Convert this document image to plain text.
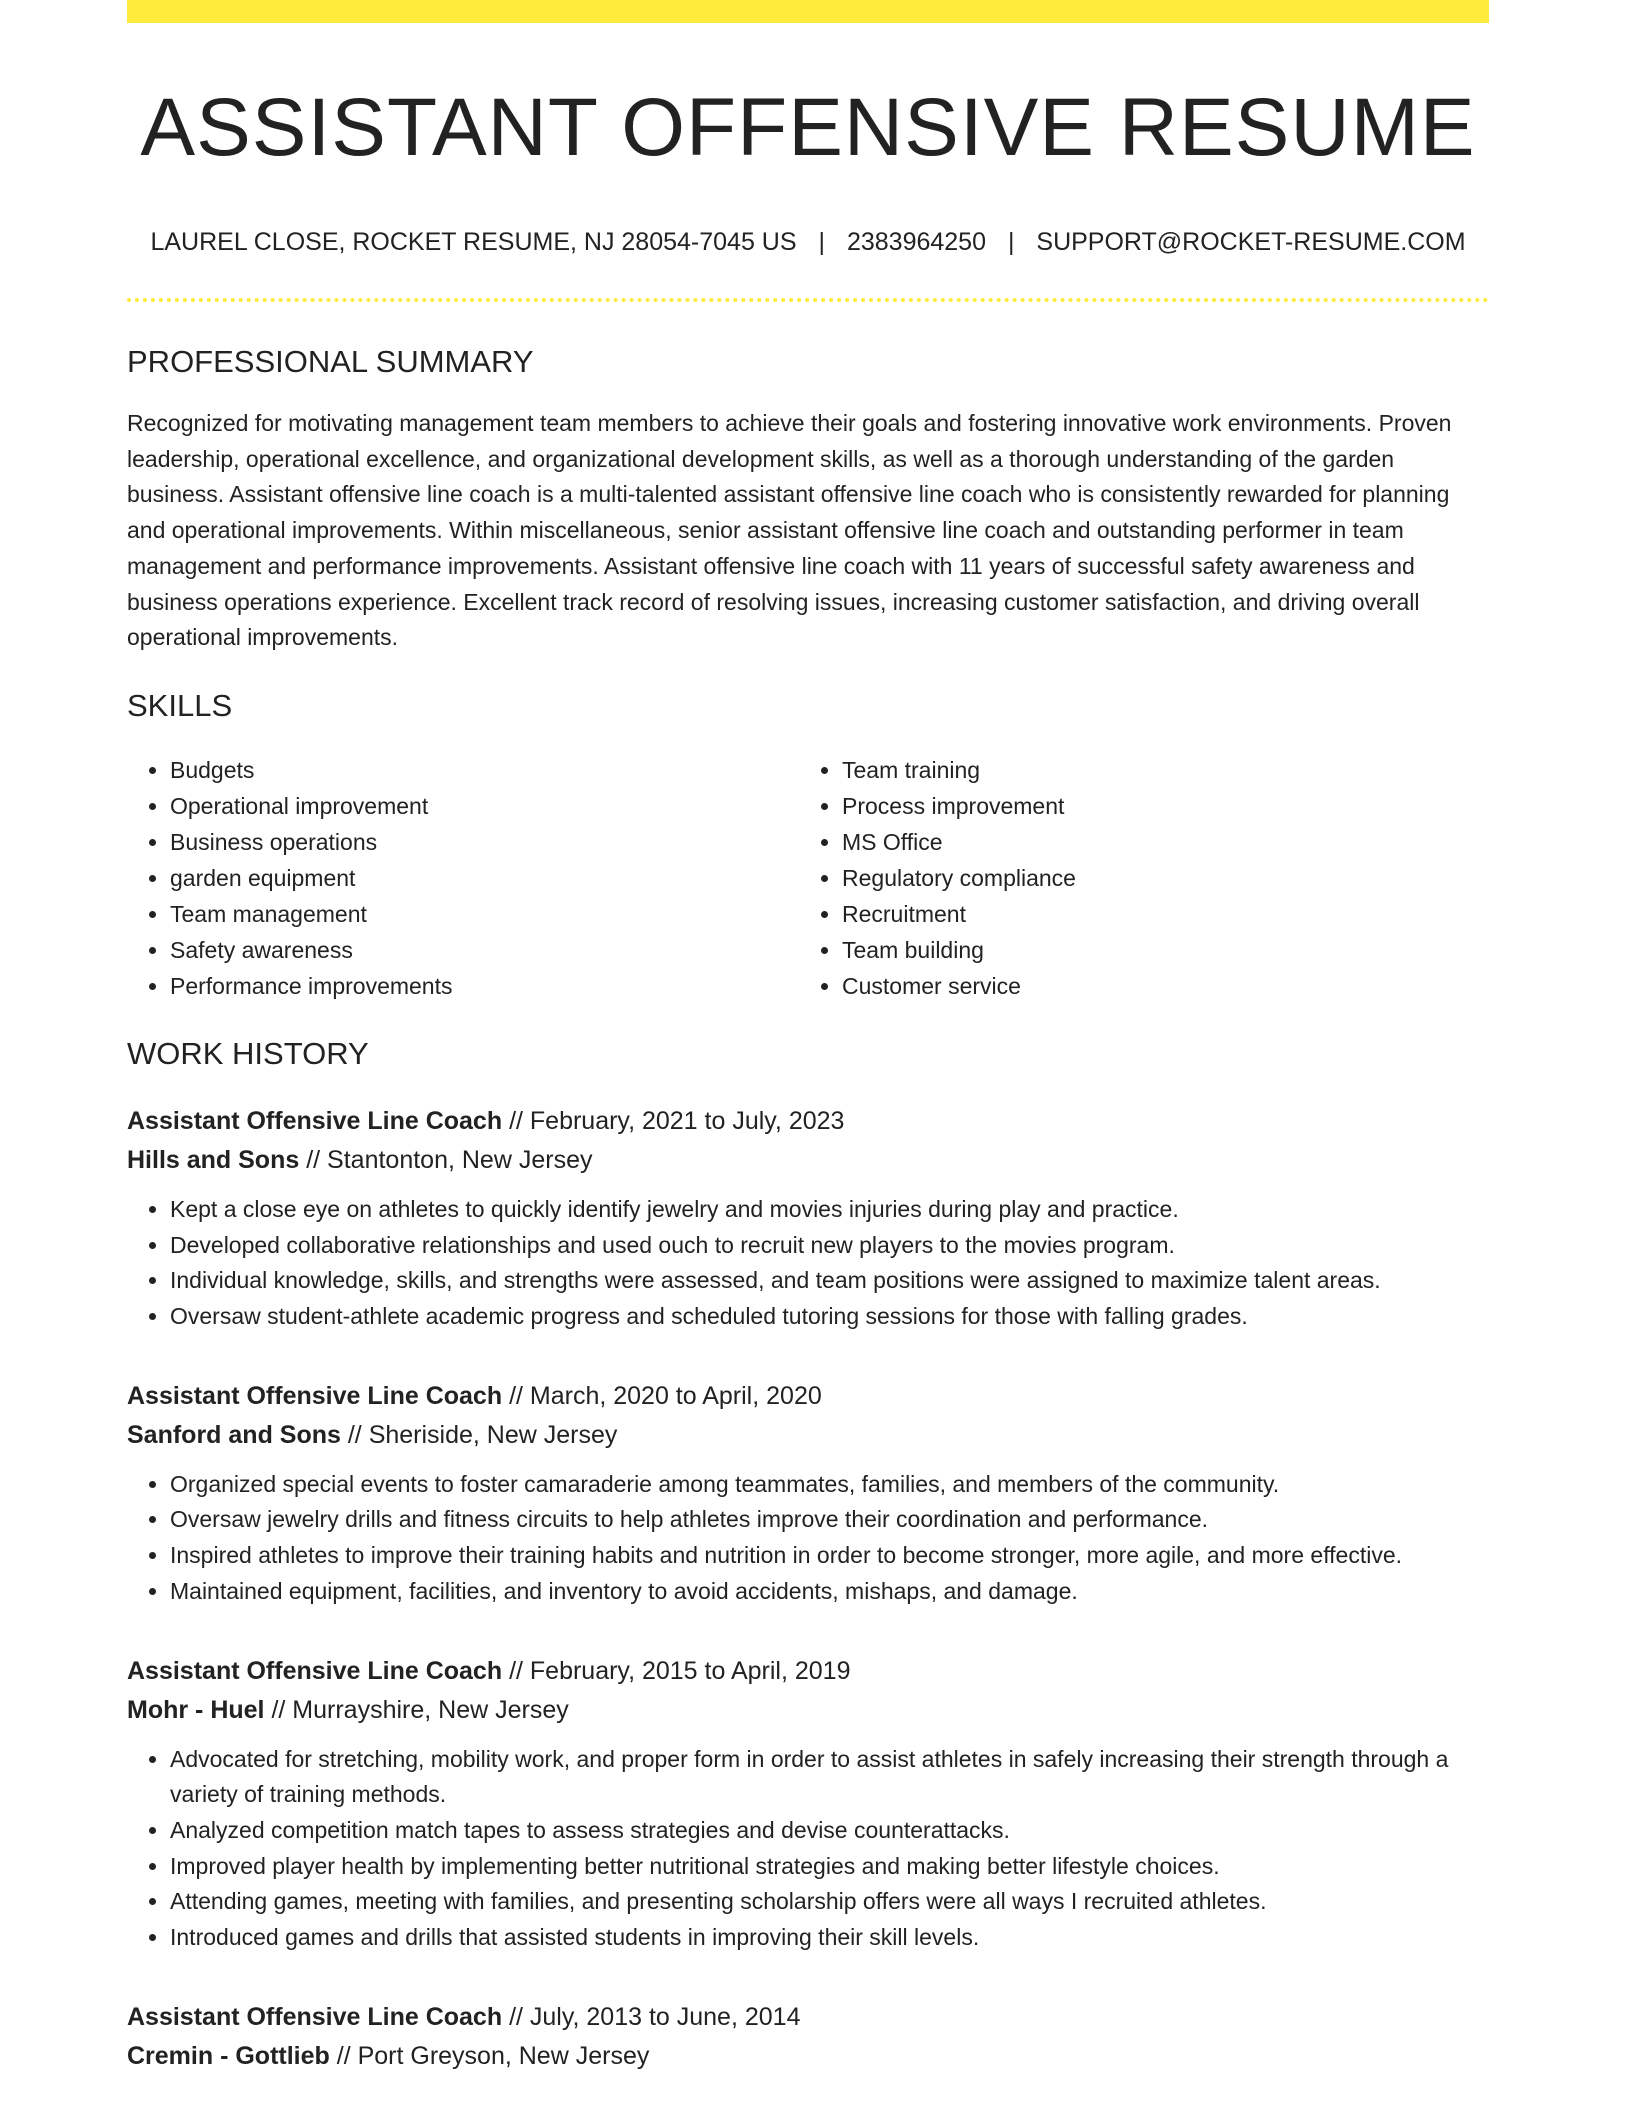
ASSISTANT OFFENSIVE RESUME
LAUREL CLOSE, ROCKET RESUME, NJ 28054-7045 US | 2383964250 | SUPPORT@ROCKET-RESUME.COM
PROFESSIONAL SUMMARY

Recognized for motivating management team members to achieve their goals and fostering innovative work environments. Proven leadership, operational excellence, and organizational development skills, as well as a thorough understanding of the garden business. Assistant offensive line coach is a multi-talented assistant offensive line coach who is consistently rewarded for planning and operational improvements. Within miscellaneous, senior assistant offensive line coach and outstanding performer in team management and performance improvements. Assistant offensive line coach with 11 years of successful safety awareness and business operations experience. Excellent track record of resolving issues, increasing customer satisfaction, and driving overall operational improvements.

SKILLS
• Budgets
• Operational improvement
• Business operations
• garden equipment
• Team management
• Safety awareness
• Performance improvements
• Team training
• Process improvement
• MS Office
• Regulatory compliance
• Recruitment
• Team building
• Customer service
WORK HISTORY
Assistant Offensive Line Coach // February, 2021 to July, 2023
Hills and Sons // Stantonton, New Jersey
• Kept a close eye on athletes to quickly identify jewelry and movies injuries during play and practice.
• Developed collaborative relationships and used ouch to recruit new players to the movies program.
• Individual knowledge, skills, and strengths were assessed, and team positions were assigned to maximize talent areas.
• Oversaw student-athlete academic progress and scheduled tutoring sessions for those with falling grades.
Assistant Offensive Line Coach // March, 2020 to April, 2020
Sanford and Sons // Sheriside, New Jersey
• Organized special events to foster camaraderie among teammates, families, and members of the community.
• Oversaw jewelry drills and fitness circuits to help athletes improve their coordination and performance.
• Inspired athletes to improve their training habits and nutrition in order to become stronger, more agile, and more effective.
• Maintained equipment, facilities, and inventory to avoid accidents, mishaps, and damage.
Assistant Offensive Line Coach // February, 2015 to April, 2019
Mohr - Huel // Murrayshire, New Jersey
• Advocated for stretching, mobility work, and proper form in order to assist athletes in safely increasing their strength through a variety of training methods.
• Analyzed competition match tapes to assess strategies and devise counterattacks.
• Improved player health by implementing better nutritional strategies and making better lifestyle choices.
• Attending games, meeting with families, and presenting scholarship offers were all ways I recruited athletes.
• Introduced games and drills that assisted students in improving their skill levels.
Assistant Offensive Line Coach // July, 2013 to June, 2014
Cremin - Gottlieb // Port Greyson, New Jersey
